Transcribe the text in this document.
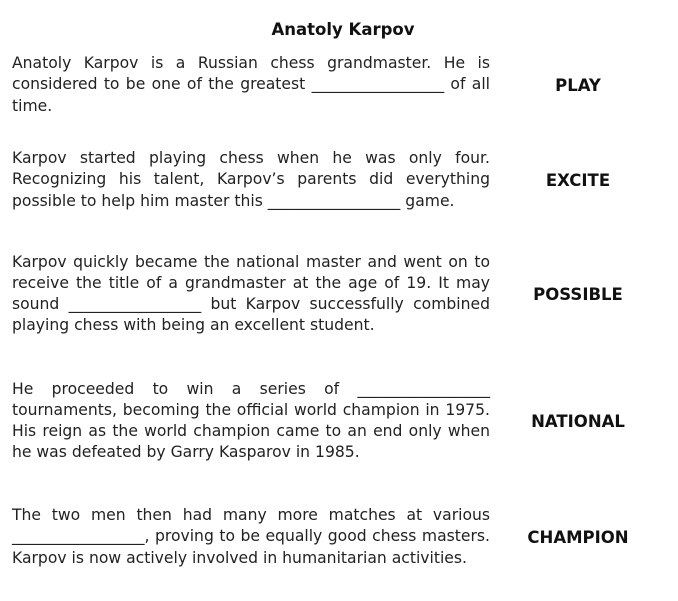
Anatoly Karpov
Anatoly Karpov is a Russian chess grandmaster. He is considered to be one of the greatest _________________ of all time.
PLAY
Karpov started playing chess when he was only four. Recognizing his talent, Karpov’s parents did everything possible to help him master this _________________ game.
EXCITE
Karpov quickly became the national master and went on to receive the title of a grandmaster at the age of 19. It may sound _________________ but Karpov successfully combined playing chess with being an excellent student.
POSSIBLE
He proceeded to win a series of _________________ tournaments, becoming the official world champion in 1975. His reign as the world champion came to an end only when he was defeated by Garry Kasparov in 1985.
NATIONAL
The two men then had many more matches at various _________________, proving to be equally good chess masters. Karpov is now actively involved in humanitarian activities.
CHAMPION
